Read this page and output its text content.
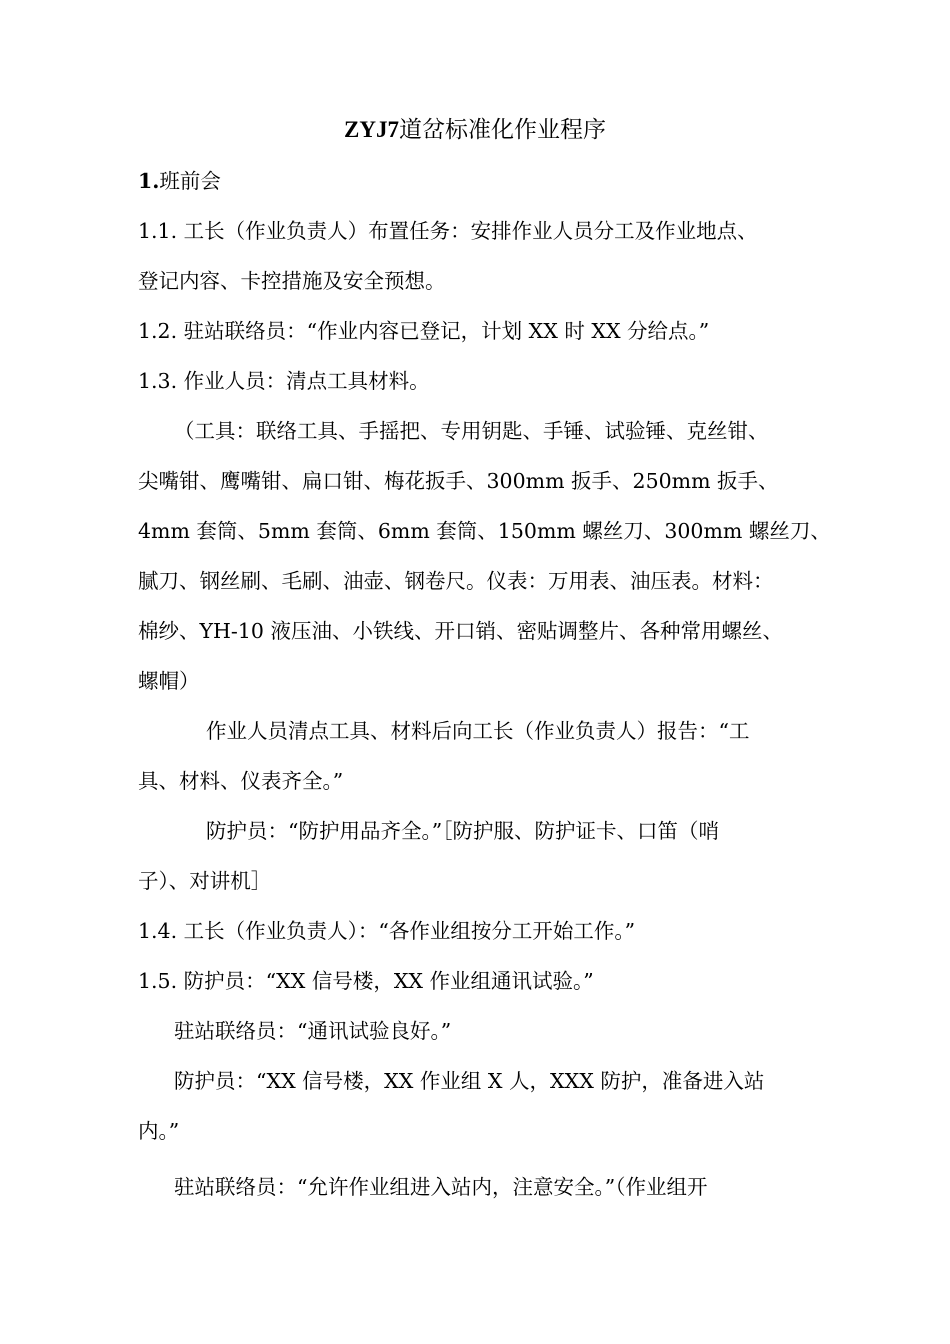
ZYJ7道岔标准化作业程序
1.班前会
1.1. 工长（作业负责人）布置任务：安排作业人员分工及作业地点、
登记内容、卡控措施及安全预想。
1.2. 驻站联络员：“作业内容已登记，计划 XX 时 XX 分给点。”
1.3. 作业人员：清点工具材料。
（工具：联络工具、手摇把、专用钥匙、手锤、试验锤、克丝钳、
尖嘴钳、鹰嘴钳、扁口钳、梅花扳手、300mm 扳手、250mm 扳手、
4mm 套筒、5mm 套筒、6mm 套筒、150mm 螺丝刀、300mm 螺丝刀、
腻刀、钢丝刷、毛刷、油壶、钢卷尺。仪表：万用表、油压表。材料：
棉纱、YH-10 液压油、小铁线、开口销、密贴调整片、各种常用螺丝、
螺帽）
作业人员清点工具、材料后向工长（作业负责人）报告：“工
具、材料、仪表齐全。”
防护员：“防护用品齐全。”［防护服、防护证卡、口笛（哨
子）、对讲机］
1.4. 工长（作业负责人）：“各作业组按分工开始工作。”
1.5. 防护员：“XX 信号楼，XX 作业组通讯试验。”
驻站联络员：“通讯试验良好。”
防护员：“XX 信号楼，XX 作业组 X 人，XXX 防护，准备进入站
内。”
驻站联络员：“允许作业组进入站内，注意安全。”（作业组开
